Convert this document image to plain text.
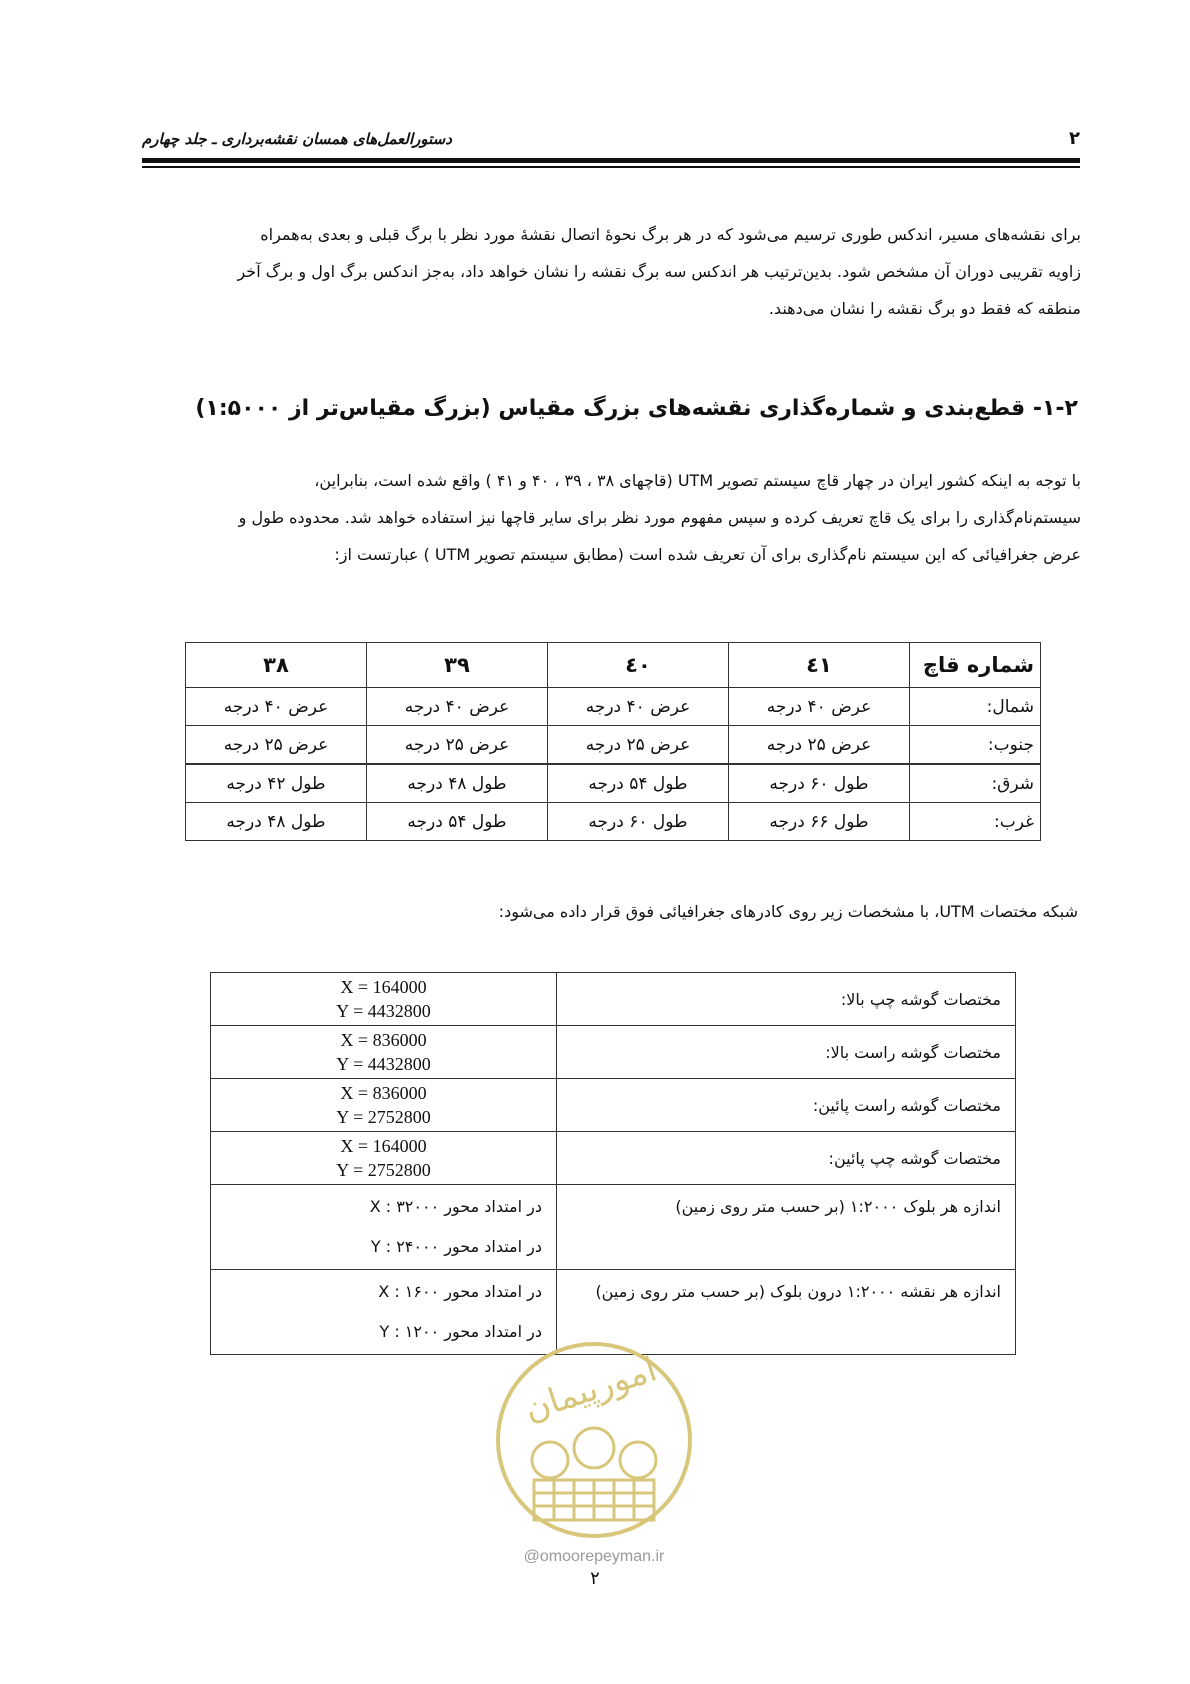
۲
دستورالعمل‌های همسان نقشه‌برداری ـ جلد چهارم

برای نقشه‌های مسیر، اندکس طوری ترسیم می‌شود که در هر برگ نحوهٔ اتصال نقشهٔ مورد نظر با برگ قبلی و بعدی به‌همراه

زاویه تقریبی دوران آن مشخص شود. بدین‌ترتیب هر اندکس سه برگ نقشه را نشان خواهد داد، به‌جز اندکس برگ اول و برگ آخر

منطقه که فقط دو برگ نقشه را نشان می‌دهند.

۱-۲- قطع‌بندی و شماره‌گذاری نقشه‌های بزرگ مقیاس (بزرگ مقیاس‌تر از ۱:۵۰۰۰)

با توجه به اینکه کشور ایران در چهار قاچ سیستم تصویر UTM (قاچهای ۳۸ ، ۳۹ ، ۴۰ و ۴۱ ) واقع شده است، بنابراین،

سیستم‌نام‌گذاری را برای یک قاچ تعریف کرده و سپس مفهوم مورد نظر برای سایر قاچها نیز استفاده خواهد شد. محدوده طول و

عرض جغرافیائی که این سیستم نام‌گذاری برای آن تعریف شده است (مطابق سیستم تصویر UTM ) عبارتست از:

شماره قاچ	٤١	٤٠	۳۹	۳۸
شمال:	عرض ۴۰ درجه	عرض ۴۰ درجه	عرض ۴۰ درجه	عرض ۴۰ درجه
جنوب:	عرض ۲۵ درجه	عرض ۲۵ درجه	عرض ۲۵ درجه	عرض ۲۵ درجه
شرق:	طول ۶۰ درجه	طول ۵۴ درجه	طول ۴۸ درجه	طول ۴۲ درجه
غرب:	طول ۶۶ درجه	طول ۶۰ درجه	طول ۵۴ درجه	طول ۴۸ درجه
شبکه مختصات UTM، با مشخصات زیر روی کادرهای جغرافیائی فوق قرار داده می‌شود:
مختصات گوشه چپ بالا:	X = 164000
Y = 4432800

مختصات گوشه راست بالا:	X = 836000
Y = 4432800

مختصات گوشه راست پائین:	X = 836000
Y = 2752800

مختصات گوشه چپ پائین:	X = 164000
Y = 2752800

اندازه هر بلوک ۱:۲۰۰۰ (بر حسب متر روی زمین)	در امتداد محور X : ۳۲۰۰۰
در امتداد محور Y : ۲۴۰۰۰

اندازه هر نقشه ۱:۲۰۰۰ درون بلوک (بر حسب متر روی زمین)	در امتداد محور X : ۱۶۰۰
در امتداد محور Y : ۱۲۰۰
امورپیمان
@omoorepeyman.ir
۲
